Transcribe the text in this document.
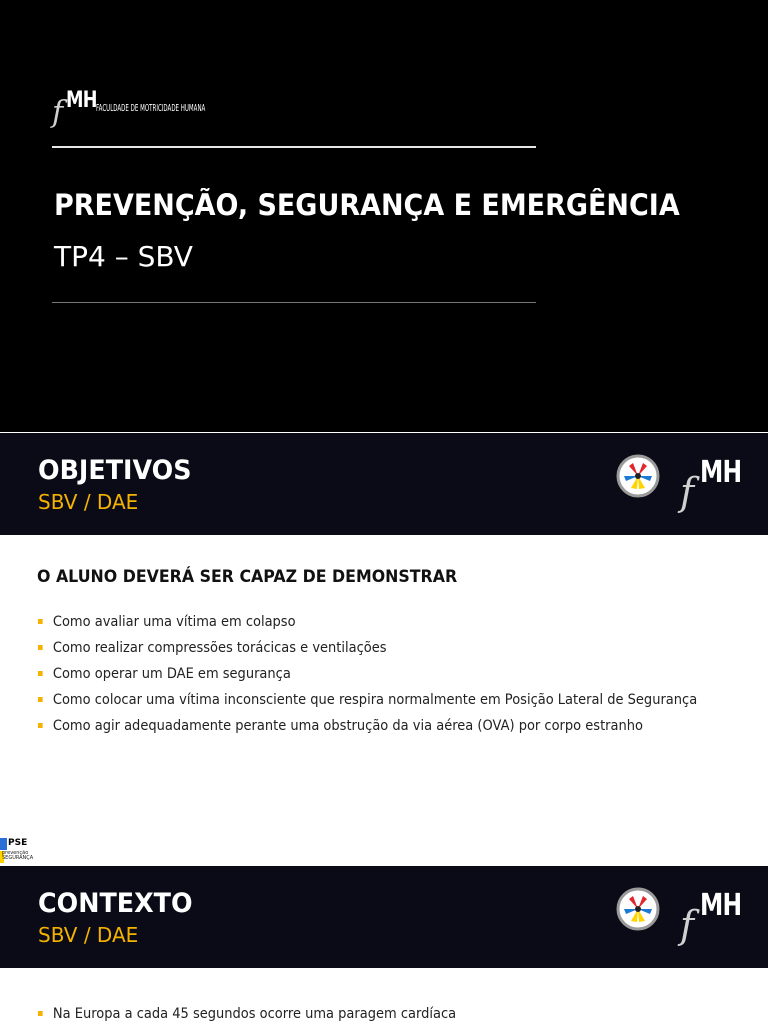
f MH FACULDADE DE MOTRICIDADE HUMANA
PREVENÇÃO, SEGURANÇA E EMERGÊNCIA
TP4 – SBV
OBJETIVOS
SBV / DAE	f MH
O ALUNO DEVERÁ SER CAPAZ DE DEMONSTRAR
Como avaliar uma vítima em colapso
Como realizar compressões torácicas e ventilações
Como operar um DAE em segurança
Como colocar uma vítima inconsciente que respira normalmente em Posição Lateral de Segurança
Como agir adequadamente perante uma obstrução da via aérea (OVA) por corpo estranho
PSE
prevenção
SEGURANÇA
CONTEXTO
SBV / DAE	f MH
Na Europa a cada 45 segundos ocorre uma paragem cardíaca
